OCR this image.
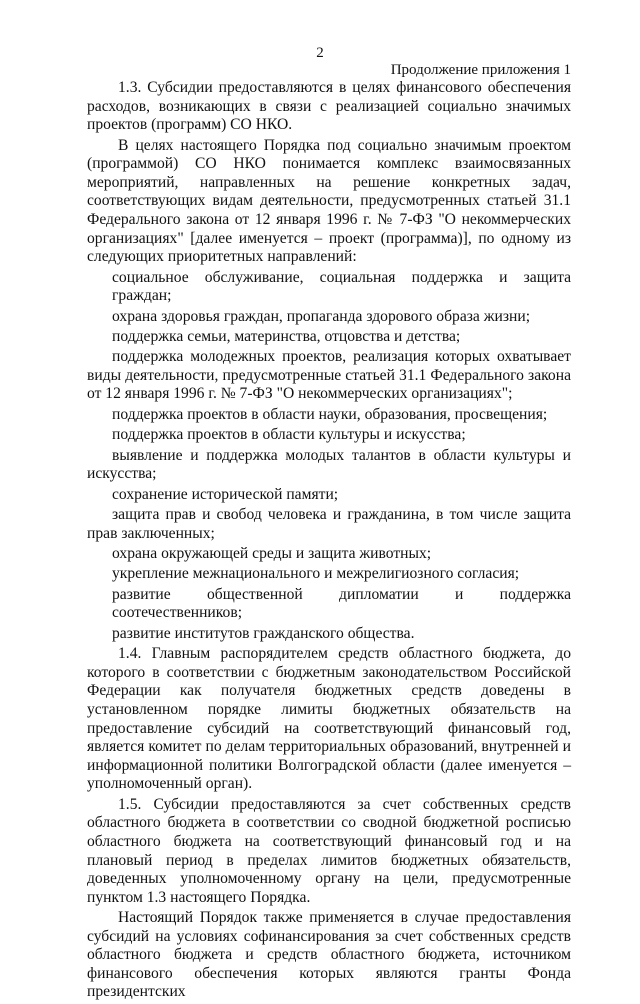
2
Продолжение приложения 1

1.3. Субсидии предоставляются в целях финансового обеспечения расходов, возникающих в связи с реализацией социально значимых проектов (программ) СО НКО.

В целях настоящего Порядка под социально значимым проектом (программой) СО НКО понимается комплекс взаимосвязанных мероприятий, направленных на решение конкретных задач, соответствующих видам деятельности, предусмотренных статьей 31.1 Федерального закона от 12 января 1996 г. № 7-ФЗ "О некоммерческих организациях" [далее именуется – проект (программа)], по одному из следующих приоритетных направлений:

социальное обслуживание, социальная поддержка и защита граждан;

охрана здоровья граждан, пропаганда здорового образа жизни;

поддержка семьи, материнства, отцовства и детства;

поддержка молодежных проектов, реализация которых охватывает виды деятельности, предусмотренные статьей 31.1 Федерального закона от 12 января 1996 г. № 7-ФЗ "О некоммерческих организациях";

поддержка проектов в области науки, образования, просвещения;

поддержка проектов в области культуры и искусства;

выявление и поддержка молодых талантов в области культуры и искусства;

сохранение исторической памяти;

защита прав и свобод человека и гражданина, в том числе защита прав заключенных;

охрана окружающей среды и защита животных;

укрепление межнационального и межрелигиозного согласия;

развитие общественной дипломатии и поддержка соотечественников;

развитие институтов гражданского общества.

1.4. Главным распорядителем средств областного бюджета, до которого в соответствии с бюджетным законодательством Российской Федерации как получателя бюджетных средств доведены в установленном порядке лимиты бюджетных обязательств на предоставление субсидий на соответствующий финансовый год, является комитет по делам территориальных образований, внутренней и информационной политики Волгоградской области (далее именуется – уполномоченный орган).

1.5. Субсидии предоставляются за счет собственных средств областного бюджета в соответствии со сводной бюджетной росписью областного бюджета на соответствующий финансовый год и на плановый период в пределах лимитов бюджетных обязательств, доведенных уполномоченному органу на цели, предусмотренные пунктом 1.3 настоящего Порядка.

Настоящий Порядок также применяется в случае предоставления субсидий на условиях софинансирования за счет собственных средств областного бюджета и средств областного бюджета, источником финансового обеспечения которых являются гранты Фонда президентских
